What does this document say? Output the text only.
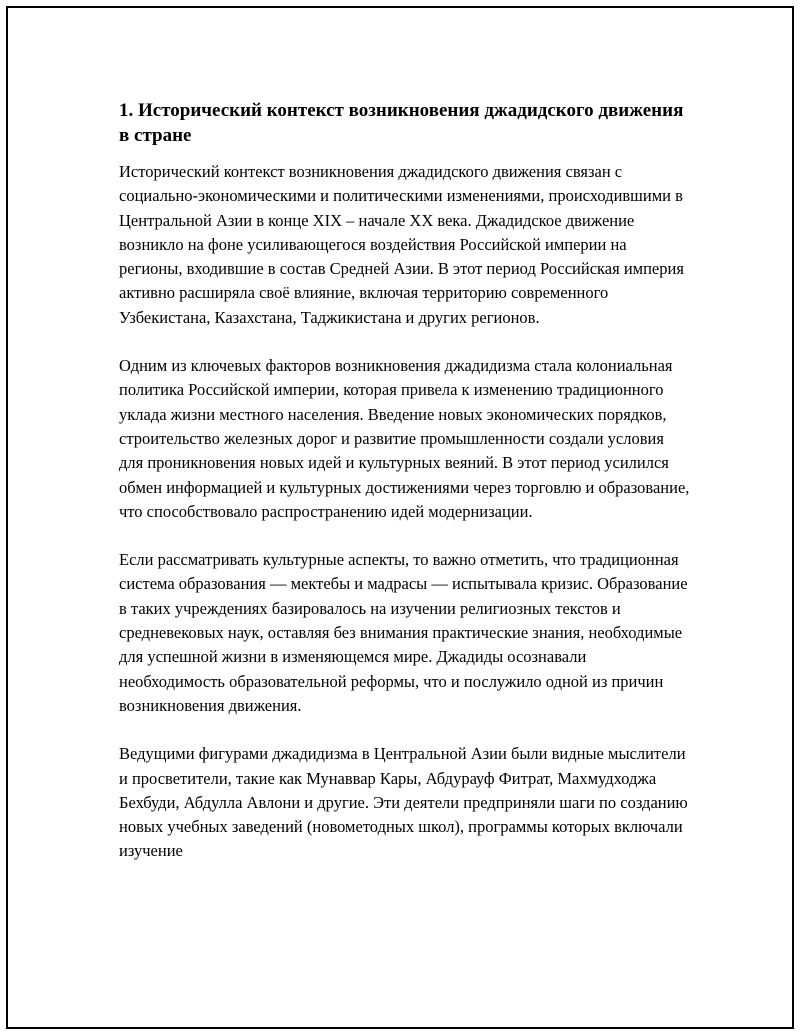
1. Исторический контекст возникновения джадидского движения в стране

Исторический контекст возникновения джадидского движения связан с социально-экономическими и политическими изменениями, происходившими в Центральной Азии в конце XIX – начале XX века. Джадидское движение возникло на фоне усиливающегося воздействия Российской империи на регионы, входившие в состав Средней Азии. В этот период Российская империя активно расширяла своё влияние, включая территорию современного Узбекистана, Казахстана, Таджикистана и других регионов.

Одним из ключевых факторов возникновения джадидизма стала колониальная политика Российской империи, которая привела к изменению традиционного уклада жизни местного населения. Введение новых экономических порядков, строительство железных дорог и развитие промышленности создали условия для проникновения новых идей и культурных веяний. В этот период усилился обмен информацией и культурных достижениями через торговлю и образование, что способствовало распространению идей модернизации.

Если рассматривать культурные аспекты, то важно отметить, что традиционная система образования — мектебы и мадрасы — испытывала кризис. Образование в таких учреждениях базировалось на изучении религиозных текстов и средневековых наук, оставляя без внимания практические знания, необходимые для успешной жизни в изменяющемся мире. Джадиды осознавали необходимость образовательной реформы, что и послужило одной из причин возникновения движения.

Ведущими фигурами джадидизма в Центральной Азии были видные мыслители и просветители, такие как Мунаввар Кары, Абдурауф Фитрат, Махмудходжа Бехбуди, Абдулла Авлони и другие. Эти деятели предприняли шаги по созданию новых учебных заведений (новометодных школ), программы которых включали изучение
